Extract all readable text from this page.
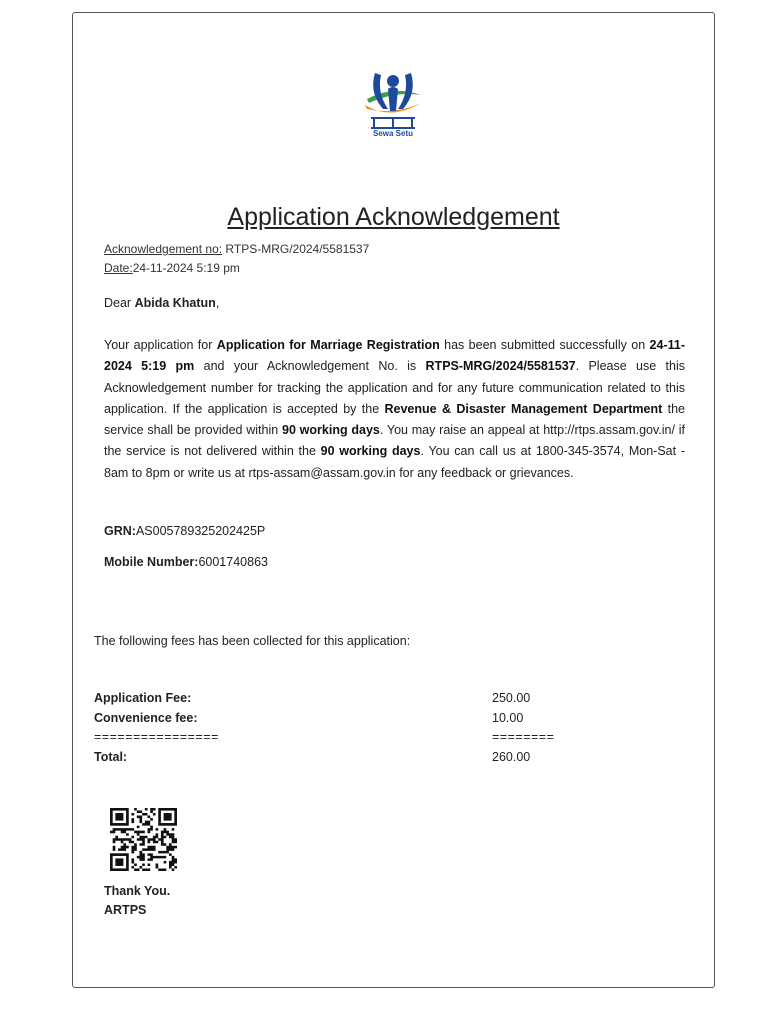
Sewa Setu
Application Acknowledgement
Acknowledgement no: RTPS-MRG/2024/5581537
Date:24-11-2024 5:19 pm
Dear Abida Khatun,
Your application for Application for Marriage Registration has been submitted successfully on 24-11-2024 5:19 pm and your Acknowledgement No. is RTPS-MRG/2024/5581537. Please use this Acknowledgement number for tracking the application and for any future communication related to this application. If the application is accepted by the Revenue & Disaster Management Department the service shall be provided within 90 working days. You may raise an appeal at http://rtps.assam.gov.in/ if the service is not delivered within the 90 working days. You can call us at 1800-345-3574, Mon-Sat - 8am to 8pm or write us at rtps-assam@assam.gov.in for any feedback or grievances.
GRN:AS005789325202425P
Mobile Number:6001740863
The following fees has been collected for this application:
Application Fee:	250.00
Convenience fee:	10.00
================	========
Total:	260.00
Thank You.
ARTPS
